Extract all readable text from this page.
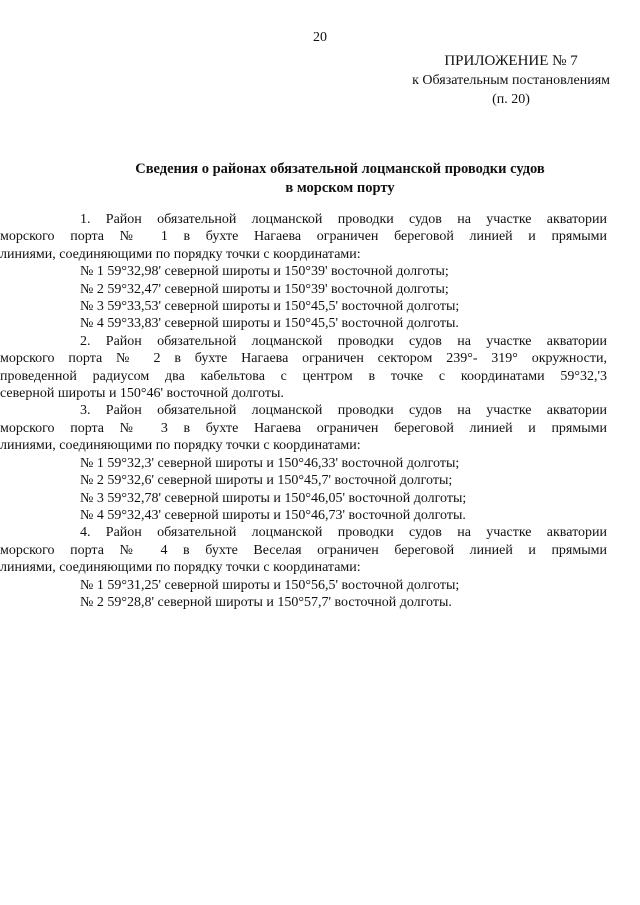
20
ПРИЛОЖЕНИЕ № 7
к Обязательным постановлениям
(п. 20)
Сведения о районах обязательной лоцманской проводки судов
в морском порту
1. Район обязательной лоцманской проводки судов на участке акватории
морского порта № 1 в бухте Нагаева ограничен береговой линией и прямыми
линиями, соединяющими по порядку точки с координатами:
№ 1 59°32,98' северной широты и 150°39' восточной долготы;
№ 2 59°32,47' северной широты и 150°39' восточной долготы;
№ 3 59°33,53' северной широты и 150°45,5' восточной долготы;
№ 4 59°33,83' северной широты и 150°45,5' восточной долготы.
2. Район обязательной лоцманской проводки судов на участке акватории
морского порта № 2 в бухте Нагаева ограничен сектором 239°- 319° окружности,
проведенной радиусом два кабельтова с центром в точке с координатами 59°32,'3
северной широты и 150°46' восточной долготы.
3. Район обязательной лоцманской проводки судов на участке акватории
морского порта № 3 в бухте Нагаева ограничен береговой линией и прямыми
линиями, соединяющими по порядку точки с координатами:
№ 1 59°32,3' северной широты и 150°46,33' восточной долготы;
№ 2 59°32,6' северной широты и 150°45,7' восточной долготы;
№ 3 59°32,78' северной широты и 150°46,05' восточной долготы;
№ 4 59°32,43' северной широты и 150°46,73' восточной долготы.
4. Район обязательной лоцманской проводки судов на участке акватории
морского порта № 4 в бухте Веселая ограничен береговой линией и прямыми
линиями, соединяющими по порядку точки с координатами:
№ 1 59°31,25' северной широты и 150°56,5' восточной долготы;
№ 2 59°28,8' северной широты и 150°57,7' восточной долготы.
